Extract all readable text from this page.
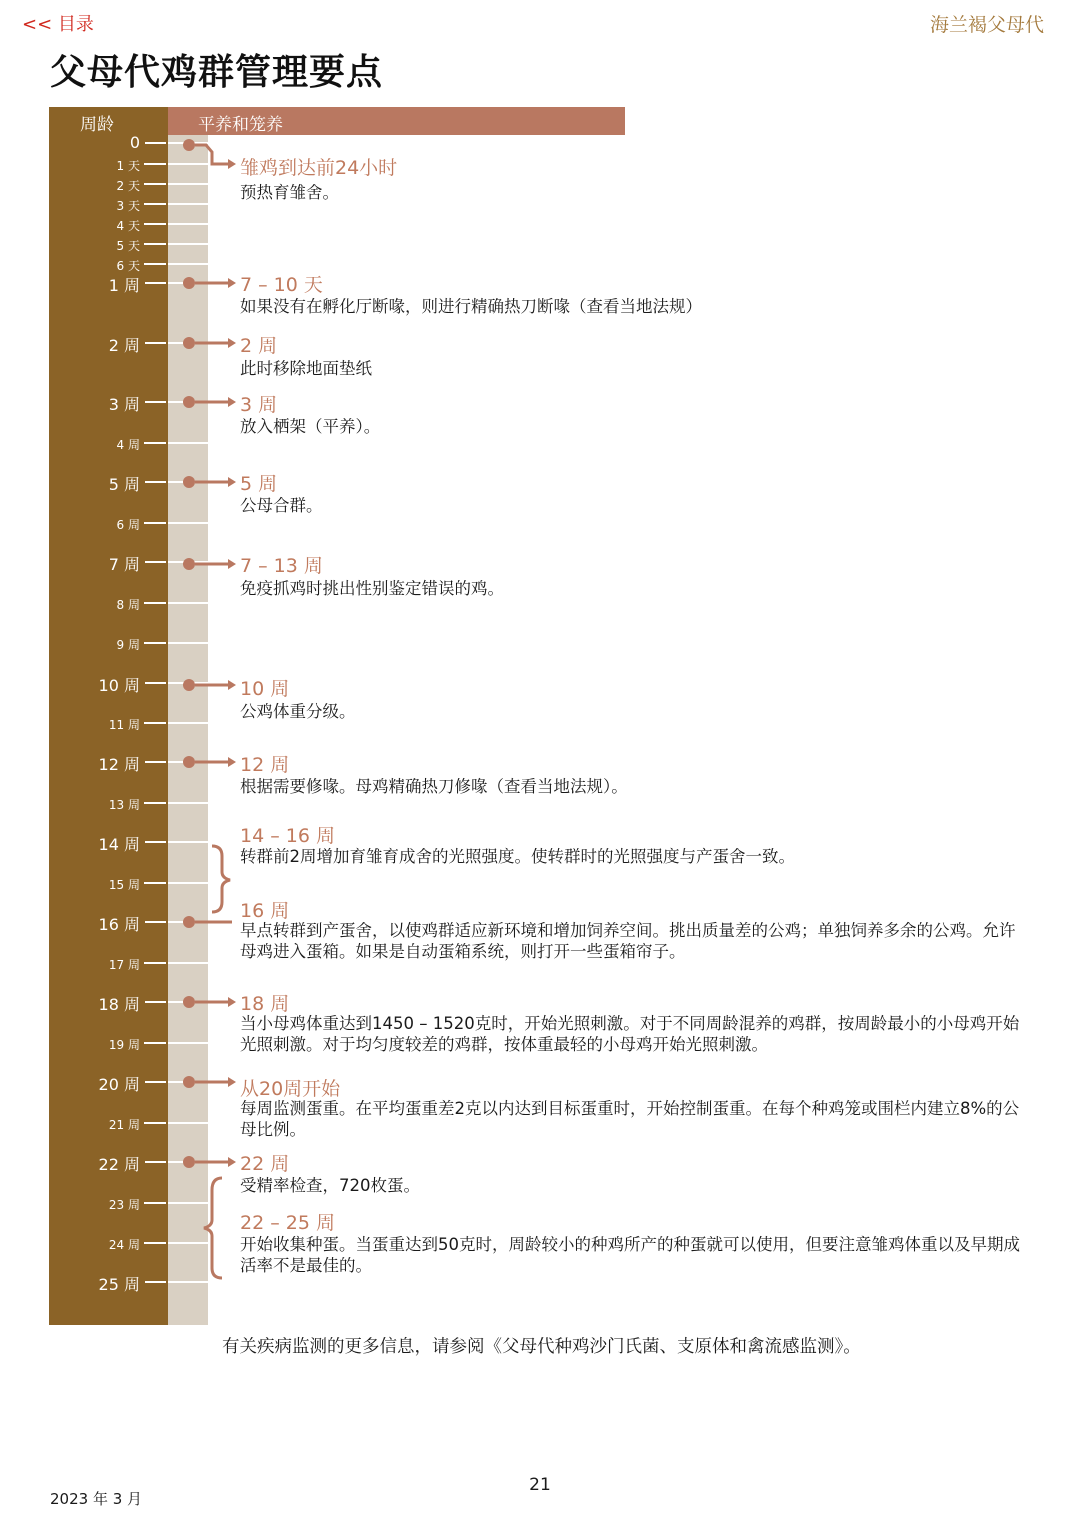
<< 目录	海兰褐父母代
父母代鸡群管理要点
周龄	平养和笼养
0
1 天
2 天
3 天
4 天
5 天
6 天
1 周
2 周
3 周
4 周
5 周
6 周
7 周
8 周
9 周
10 周
11 周
12 周
13 周
14 周
15 周
16 周
17 周
18 周
19 周
20 周
21 周
22 周
23 周
24 周
25 周
雏鸡到达前24小时
预热育雏舍。
7 – 10 天
如果没有在孵化厅断喙，则进行精确热刀断喙（查看当地法规）
2 周
此时移除地面垫纸
3 周
放入栖架（平养）。
5 周
公母合群。
7 – 13 周
免疫抓鸡时挑出性别鉴定错误的鸡。
10 周
公鸡体重分级。
12 周
根据需要修喙。母鸡精确热刀修喙（查看当地法规）。
14 – 16 周
转群前2周增加育雏育成舍的光照强度。使转群时的光照强度与产蛋舍一致。
16 周
早点转群到产蛋舍，以使鸡群适应新环境和增加饲养空间。挑出质量差的公鸡；单独饲养多余的公鸡。允许母鸡进入蛋箱。如果是自动蛋箱系统，则打开一些蛋箱帘子。
18 周
当小母鸡体重达到1450 – 1520克时，开始光照刺激。对于不同周龄混养的鸡群，按周龄最小的小母鸡开始光照刺激。对于均匀度较差的鸡群，按体重最轻的小母鸡开始光照刺激。
从20周开始
每周监测蛋重。在平均蛋重差2克以内达到目标蛋重时，开始控制蛋重。在每个种鸡笼或围栏内建立8%的公母比例。
22 周
受精率检查，720枚蛋。
22 – 25 周
开始收集种蛋。当蛋重达到50克时，周龄较小的种鸡所产的种蛋就可以使用，但要注意雏鸡体重以及早期成活率不是最佳的。
有关疾病监测的更多信息，请参阅《父母代种鸡沙门氏菌、支原体和禽流感监测》。
2023 年 3 月
21
